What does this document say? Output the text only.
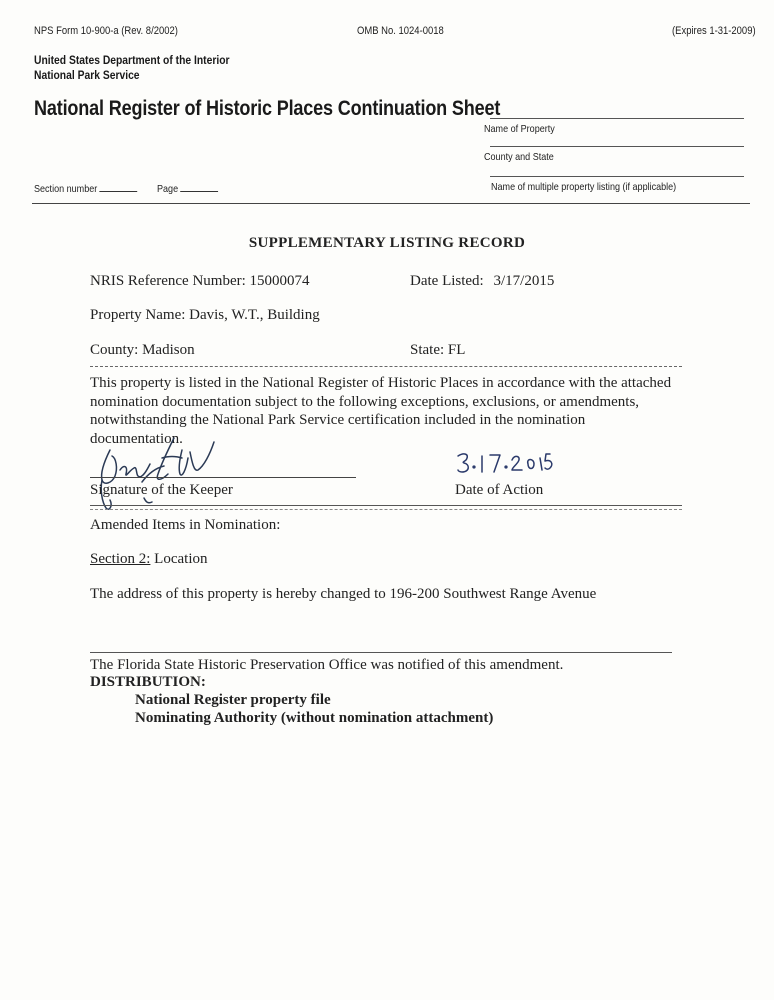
NPS Form 10-900-a (Rev. 8/2002)	OMB No. 1024-0018	(Expires 1-31-2009)
United States Department of the Interior
National Park Service
National Register of Historic Places Continuation Sheet
Name of Property
County and State
Name of multiple property listing (if applicable)
Section number	Page
SUPPLEMENTARY LISTING RECORD
NRIS Reference Number: 15000074	Date Listed: 3/17/2015
Property Name: Davis, W.T., Building
County: Madison	State: FL
This property is listed in the National Register of Historic Places in accordance with the attached
nomination documentation subject to the following exceptions, exclusions, or amendments,
notwithstanding the National Park Service certification included in the nomination
documentation.
Signature of the Keeper	Date of Action
Amended Items in Nomination:
Section 2: Location
The address of this property is hereby changed to 196-200 Southwest Range Avenue
The Florida State Historic Preservation Office was notified of this amendment.
DISTRIBUTION:
National Register property file
Nominating Authority (without nomination attachment)
